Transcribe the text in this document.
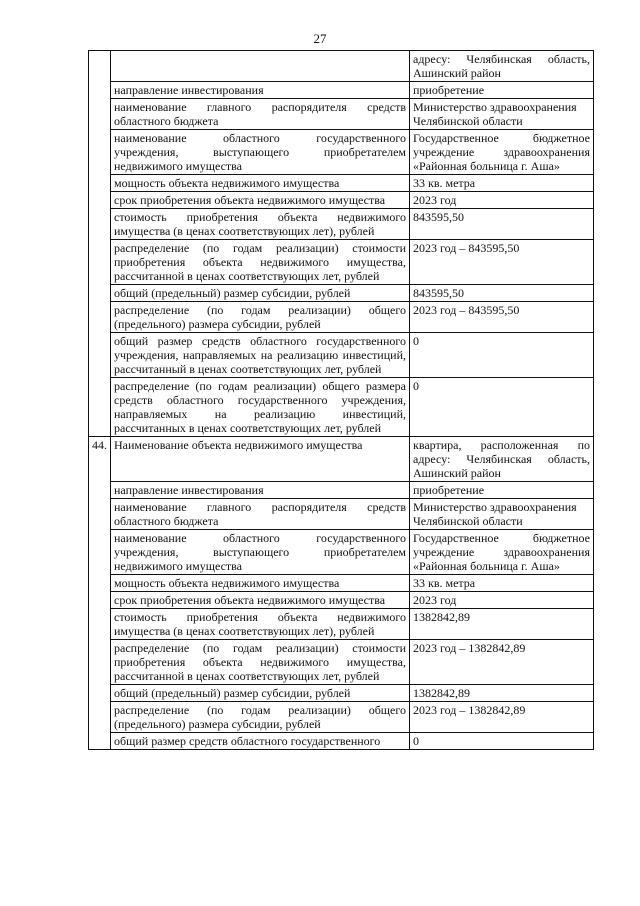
27
		адресу: Челябинская область, Ашинский район
	направление инвестирования	приобретение
	наименование главного распорядителя средств областного бюджета	Министерство здравоохранения Челябинской области
	наименование областного государственного учреждения, выступающего приобретателем недвижимого имущества	Государственное бюджетное учреждение здравоохранения «Районная больница г. Аша»
	мощность объекта недвижимого имущества	33 кв. метра
	срок приобретения объекта недвижимого имущества	2023 год
	стоимость приобретения объекта недвижимого имущества (в ценах соответствующих лет), рублей	843595,50
	распределение (по годам реализации) стоимости приобретения объекта недвижимого имущества, рассчитанной в ценах соответствующих лет, рублей	2023 год – 843595,50
	общий (предельный) размер субсидии, рублей	843595,50
	распределение (по годам реализации) общего (предельного) размера субсидии, рублей	2023 год – 843595,50
	общий размер средств областного государственного учреждения, направляемых на реализацию инвестиций, рассчитанный в ценах соответствующих лет, рублей	0
	распределение (по годам реализации) общего размера средств областного государственного учреждения, направляемых на реализацию инвестиций, рассчитанных в ценах соответствующих лет, рублей	0
44.	Наименование объекта недвижимого имущества	квартира, расположенная по адресу: Челябинская область, Ашинский район
	направление инвестирования	приобретение
	наименование главного распорядителя средств областного бюджета	Министерство здравоохранения Челябинской области
	наименование областного государственного учреждения, выступающего приобретателем недвижимого имущества	Государственное бюджетное учреждение здравоохранения «Районная больница г. Аша»
	мощность объекта недвижимого имущества	33 кв. метра
	срок приобретения объекта недвижимого имущества	2023 год
	стоимость приобретения объекта недвижимого имущества (в ценах соответствующих лет), рублей	1382842,89
	распределение (по годам реализации) стоимости приобретения объекта недвижимого имущества, рассчитанной в ценах соответствующих лет, рублей	2023 год – 1382842,89
	общий (предельный) размер субсидии, рублей	1382842,89
	распределение (по годам реализации) общего (предельного) размера субсидии, рублей	2023 год – 1382842,89
	общий размер средств областного государственного	0
